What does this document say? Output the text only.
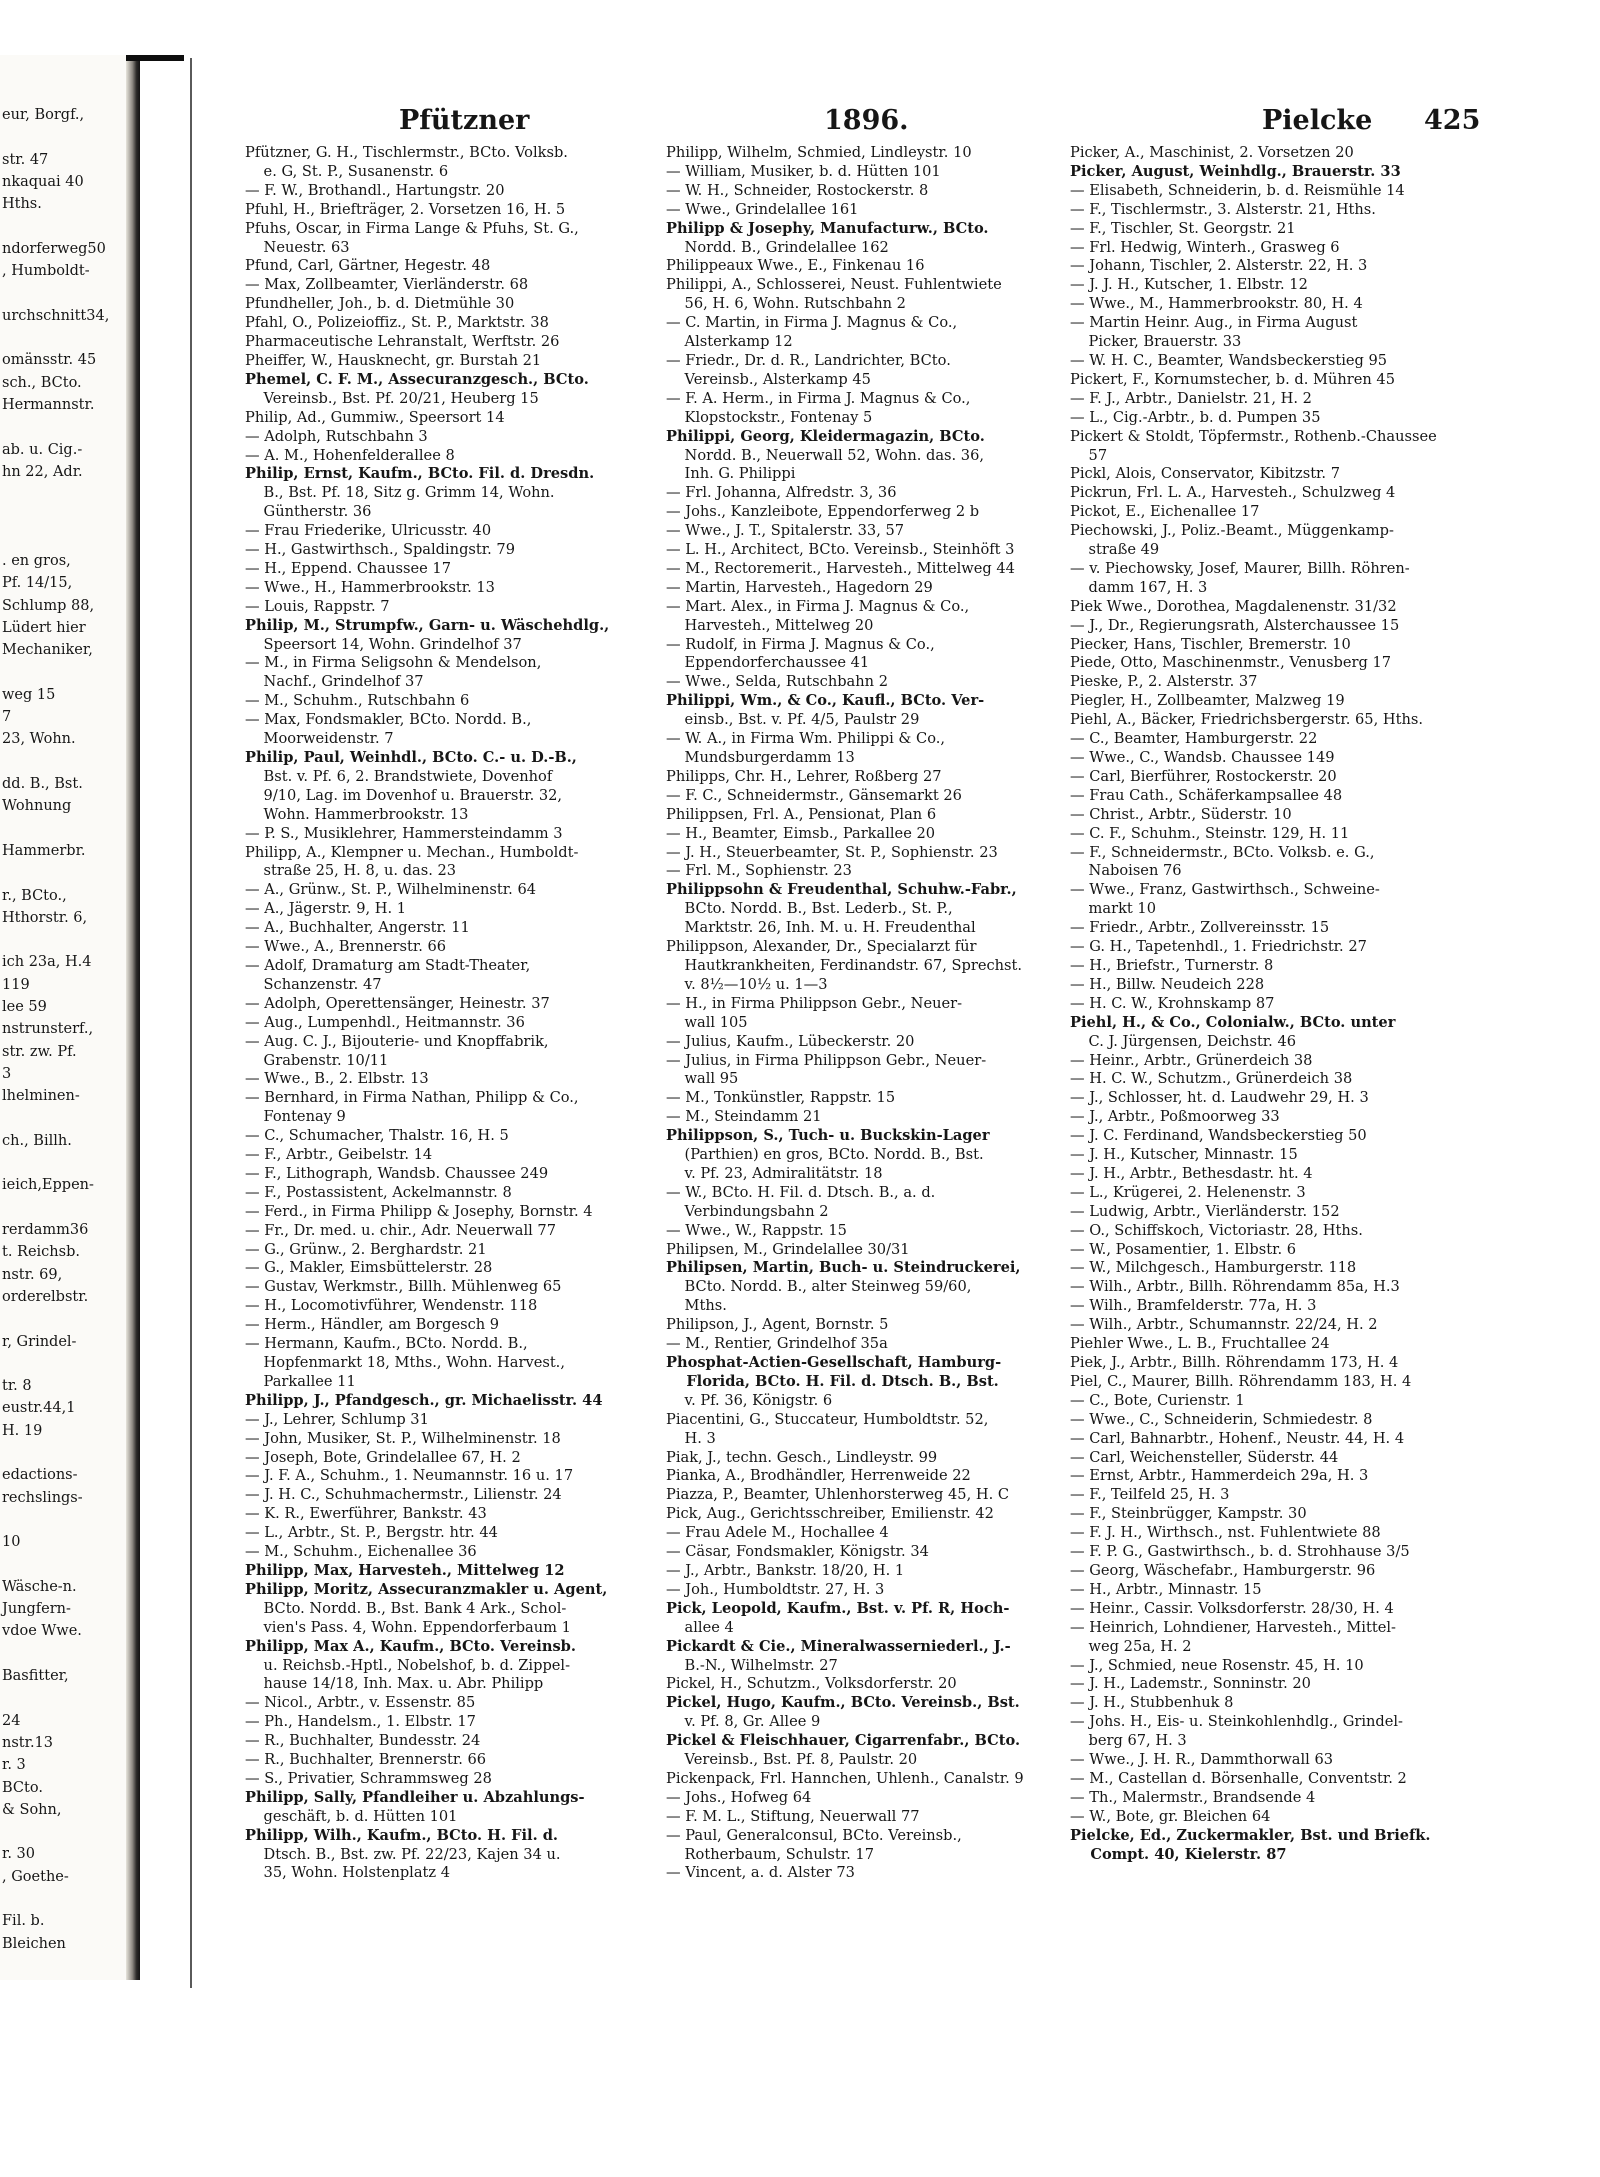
eur, Borgf.,
str. 47
nkaquai 40
Hths.
ndorferweg50
, Humboldt-
urchschnitt34,
omänsstr. 45
sch., BCto.
Hermannstr.
ab. u. Cig.-
hn 22, Adr.
. en gros,
Pf. 14/15,
Schlump 88,
Lüdert hier
Mechaniker,
weg 15
7
23, Wohn.
dd. B., Bst.
Wohnung
Hammerbr.
r., BCto.,
Hthorstr. 6,
ich 23a, H.4
119
lee 59
nstrunsterf.,
str. zw. Pf.
3
lhelminen-
ch., Billh.
ieich,Eppen-
rerdamm36
t. Reichsb.
nstr. 69,
orderelbstr.
r, Grindel-
tr. 8
eustr.44,1
H. 19
edactions-
rechslings-
10
Wäsche-n.
Jungfern-
vdoe Wwe.
Basfitter,
24
nstr.13
r. 3
BCto.
& Sohn,
r. 30
, Goethe-
Fil. b.
Bleichen
Pfützner	1896.	Pielcke 425

Pfützner, G. H., Tischlermstr., BCto. Volksb.

e. G, St. P., Susanenstr. 6

— F. W., Brothandl., Hartungstr. 20

Pfuhl, H., Briefträger, 2. Vorsetzen 16, H. 5

Pfuhs, Oscar, in Firma Lange & Pfuhs, St. G.,

Neuestr. 63

Pfund, Carl, Gärtner, Hegestr. 48

— Max, Zollbeamter, Vierländerstr. 68

Pfundheller, Joh., b. d. Dietmühle 30

Pfahl, O., Polizeioffiz., St. P., Marktstr. 38

Pharmaceutische Lehranstalt, Werftstr. 26

Pheiffer, W., Hausknecht, gr. Burstah 21

Phemel, C. F. M., Assecuranzgesch., BCto.

Vereinsb., Bst. Pf. 20/21, Heuberg 15

Philip, Ad., Gummiw., Speersort 14

— Adolph, Rutschbahn 3

— A. M., Hohenfelderallee 8

Philip, Ernst, Kaufm., BCto. Fil. d. Dresdn.

B., Bst. Pf. 18, Sitz g. Grimm 14, Wohn.

Güntherstr. 36

— Frau Friederike, Ulricusstr. 40

— H., Gastwirthsch., Spaldingstr. 79

— H., Eppend. Chaussee 17

— Wwe., H., Hammerbrookstr. 13

— Louis, Rappstr. 7

Philip, M., Strumpfw., Garn- u. Wäschehdlg.,

Speersort 14, Wohn. Grindelhof 37

— M., in Firma Seligsohn & Mendelson,

Nachf., Grindelhof 37

— M., Schuhm., Rutschbahn 6

— Max, Fondsmakler, BCto. Nordd. B.,

Moorweidenstr. 7

Philip, Paul, Weinhdl., BCto. C.- u. D.-B.,

Bst. v. Pf. 6, 2. Brandstwiete, Dovenhof

9/10, Lag. im Dovenhof u. Brauerstr. 32,

Wohn. Hammerbrookstr. 13

— P. S., Musiklehrer, Hammersteindamm 3

Philipp, A., Klempner u. Mechan., Humboldt-

straße 25, H. 8, u. das. 23

— A., Grünw., St. P., Wilhelminenstr. 64

— A., Jägerstr. 9, H. 1

— A., Buchhalter, Angerstr. 11

— Wwe., A., Brennerstr. 66

— Adolf, Dramaturg am Stadt-Theater,

Schanzenstr. 47

— Adolph, Operettensänger, Heinestr. 37

— Aug., Lumpenhdl., Heitmannstr. 36

— Aug. C. J., Bijouterie- und Knopffabrik,

Grabenstr. 10/11

— Wwe., B., 2. Elbstr. 13

— Bernhard, in Firma Nathan, Philipp & Co.,

Fontenay 9

— C., Schumacher, Thalstr. 16, H. 5

— F., Arbtr., Geibelstr. 14

— F., Lithograph, Wandsb. Chaussee 249

— F., Postassistent, Ackelmannstr. 8

— Ferd., in Firma Philipp & Josephy, Bornstr. 4

— Fr., Dr. med. u. chir., Adr. Neuerwall 77

— G., Grünw., 2. Berghardstr. 21

— G., Makler, Eimsbüttelerstr. 28

— Gustav, Werkmstr., Billh. Mühlenweg 65

— H., Locomotivführer, Wendenstr. 118

— Herm., Händler, am Borgesch 9

— Hermann, Kaufm., BCto. Nordd. B.,

Hopfenmarkt 18, Mths., Wohn. Harvest.,

Parkallee 11

Philipp, J., Pfandgesch., gr. Michaelisstr. 44

— J., Lehrer, Schlump 31

— John, Musiker, St. P., Wilhelminenstr. 18

— Joseph, Bote, Grindelallee 67, H. 2

— J. F. A., Schuhm., 1. Neumannstr. 16 u. 17

— J. H. C., Schuhmachermstr., Lilienstr. 24

— K. R., Ewerführer, Bankstr. 43

— L., Arbtr., St. P., Bergstr. htr. 44

— M., Schuhm., Eichenallee 36

Philipp, Max, Harvesteh., Mittelweg 12

Philipp, Moritz, Assecuranzmakler u. Agent,

BCto. Nordd. B., Bst. Bank 4 Ark., Schol-

vien's Pass. 4, Wohn. Eppendorferbaum 1

Philipp, Max A., Kaufm., BCto. Vereinsb.

u. Reichsb.-Hptl., Nobelshof, b. d. Zippel-

hause 14/18, Inh. Max. u. Abr. Philipp

— Nicol., Arbtr., v. Essenstr. 85

— Ph., Handelsm., 1. Elbstr. 17

— R., Buchhalter, Bundesstr. 24

— R., Buchhalter, Brennerstr. 66

— S., Privatier, Schrammsweg 28

Philipp, Sally, Pfandleiher u. Abzahlungs-

geschäft, b. d. Hütten 101

Philipp, Wilh., Kaufm., BCto. H. Fil. d.

Dtsch. B., Bst. zw. Pf. 22/23, Kajen 34 u.

35, Wohn. Holstenplatz 4

Philipp, Wilhelm, Schmied, Lindleystr. 10

— William, Musiker, b. d. Hütten 101

— W. H., Schneider, Rostockerstr. 8

— Wwe., Grindelallee 161

Philipp & Josephy, Manufacturw., BCto.

Nordd. B., Grindelallee 162

Philippeaux Wwe., E., Finkenau 16

Philippi, A., Schlosserei, Neust. Fuhlentwiete

56, H. 6, Wohn. Rutschbahn 2

— C. Martin, in Firma J. Magnus & Co.,

Alsterkamp 12

— Friedr., Dr. d. R., Landrichter, BCto.

Vereinsb., Alsterkamp 45

— F. A. Herm., in Firma J. Magnus & Co.,

Klopstockstr., Fontenay 5

Philippi, Georg, Kleidermagazin, BCto.

Nordd. B., Neuerwall 52, Wohn. das. 36,

Inh. G. Philippi

— Frl. Johanna, Alfredstr. 3, 36

— Johs., Kanzleibote, Eppendorferweg 2 b

— Wwe., J. T., Spitalerstr. 33, 57

— L. H., Architect, BCto. Vereinsb., Steinhöft 3

— M., Rectoremerit., Harvesteh., Mittelweg 44

— Martin, Harvesteh., Hagedorn 29

— Mart. Alex., in Firma J. Magnus & Co.,

Harvesteh., Mittelweg 20

— Rudolf, in Firma J. Magnus & Co.,

Eppendorferchaussee 41

— Wwe., Selda, Rutschbahn 2

Philippi, Wm., & Co., Kaufl., BCto. Ver-

einsb., Bst. v. Pf. 4/5, Paulstr 29

— W. A., in Firma Wm. Philippi & Co.,

Mundsburgerdamm 13

Philipps, Chr. H., Lehrer, Roßberg 27

— F. C., Schneidermstr., Gänsemarkt 26

Philippsen, Frl. A., Pensionat, Plan 6

— H., Beamter, Eimsb., Parkallee 20

— J. H., Steuerbeamter, St. P., Sophienstr. 23

— Frl. M., Sophienstr. 23

Philippsohn & Freudenthal, Schuhw.-Fabr.,

BCto. Nordd. B., Bst. Lederb., St. P.,

Marktstr. 26, Inh. M. u. H. Freudenthal

Philippson, Alexander, Dr., Specialarzt für

Hautkrankheiten, Ferdinandstr. 67, Sprechst.

v. 8½—10½ u. 1—3

— H., in Firma Philippson Gebr., Neuer-

wall 105

— Julius, Kaufm., Lübeckerstr. 20

— Julius, in Firma Philippson Gebr., Neuer-

wall 95

— M., Tonkünstler, Rappstr. 15

— M., Steindamm 21

Philippson, S., Tuch- u. Buckskin-Lager

(Parthien) en gros, BCto. Nordd. B., Bst.

v. Pf. 23, Admiralitätstr. 18

— W., BCto. H. Fil. d. Dtsch. B., a. d.

Verbindungsbahn 2

— Wwe., W., Rappstr. 15

Philipsen, M., Grindelallee 30/31

Philipsen, Martin, Buch- u. Steindruckerei,

BCto. Nordd. B., alter Steinweg 59/60,

Mths.

Philipson, J., Agent, Bornstr. 5

— M., Rentier, Grindelhof 35a

Phosphat-Actien-Gesellschaft, Hamburg-

Florida, BCto. H. Fil. d. Dtsch. B., Bst.

v. Pf. 36, Königstr. 6

Piacentini, G., Stuccateur, Humboldtstr. 52,

H. 3

Piak, J., techn. Gesch., Lindleystr. 99

Pianka, A., Brodhändler, Herrenweide 22

Piazza, P., Beamter, Uhlenhorsterweg 45, H. C

Pick, Aug., Gerichtsschreiber, Emilienstr. 42

— Frau Adele M., Hochallee 4

— Cäsar, Fondsmakler, Königstr. 34

— J., Arbtr., Bankstr. 18/20, H. 1

— Joh., Humboldtstr. 27, H. 3

Pick, Leopold, Kaufm., Bst. v. Pf. R, Hoch-

allee 4

Pickardt & Cie., Mineralwasserniederl., J.-

B.-N., Wilhelmstr. 27

Pickel, H., Schutzm., Volksdorferstr. 20

Pickel, Hugo, Kaufm., BCto. Vereinsb., Bst.

v. Pf. 8, Gr. Allee 9

Pickel & Fleischhauer, Cigarrenfabr., BCto.

Vereinsb., Bst. Pf. 8, Paulstr. 20

Pickenpack, Frl. Hannchen, Uhlenh., Canalstr. 9

— Johs., Hofweg 64

— F. M. L., Stiftung, Neuerwall 77

— Paul, Generalconsul, BCto. Vereinsb.,

Rotherbaum, Schulstr. 17

— Vincent, a. d. Alster 73

Picker, A., Maschinist, 2. Vorsetzen 20

Picker, August, Weinhdlg., Brauerstr. 33

— Elisabeth, Schneiderin, b. d. Reismühle 14

— F., Tischlermstr., 3. Alsterstr. 21, Hths.

— F., Tischler, St. Georgstr. 21

— Frl. Hedwig, Winterh., Grasweg 6

— Johann, Tischler, 2. Alsterstr. 22, H. 3

— J. J. H., Kutscher, 1. Elbstr. 12

— Wwe., M., Hammerbrookstr. 80, H. 4

— Martin Heinr. Aug., in Firma August

Picker, Brauerstr. 33

— W. H. C., Beamter, Wandsbeckerstieg 95

Pickert, F., Kornumstecher, b. d. Mühren 45

— F. J., Arbtr., Danielstr. 21, H. 2

— L., Cig.-Arbtr., b. d. Pumpen 35

Pickert & Stoldt, Töpfermstr., Rothenb.-Chaussee

57

Pickl, Alois, Conservator, Kibitzstr. 7

Pickrun, Frl. L. A., Harvesteh., Schulzweg 4

Pickot, E., Eichenallee 17

Piechowski, J., Poliz.-Beamt., Müggenkamp-

straße 49

— v. Piechowsky, Josef, Maurer, Billh. Röhren-

damm 167, H. 3

Piek Wwe., Dorothea, Magdalenenstr. 31/32

— J., Dr., Regierungsrath, Alsterchaussee 15

Piecker, Hans, Tischler, Bremerstr. 10

Piede, Otto, Maschinenmstr., Venusberg 17

Pieske, P., 2. Alsterstr. 37

Piegler, H., Zollbeamter, Malzweg 19

Piehl, A., Bäcker, Friedrichsbergerstr. 65, Hths.

— C., Beamter, Hamburgerstr. 22

— Wwe., C., Wandsb. Chaussee 149

— Carl, Bierführer, Rostockerstr. 20

— Frau Cath., Schäferkampsallee 48

— Christ., Arbtr., Süderstr. 10

— C. F., Schuhm., Steinstr. 129, H. 11

— F., Schneidermstr., BCto. Volksb. e. G.,

Naboisen 76

— Wwe., Franz, Gastwirthsch., Schweine-

markt 10

— Friedr., Arbtr., Zollvereinsstr. 15

— G. H., Tapetenhdl., 1. Friedrichstr. 27

— H., Briefstr., Turnerstr. 8

— H., Billw. Neudeich 228

— H. C. W., Krohnskamp 87

Piehl, H., & Co., Colonialw., BCto. unter

C. J. Jürgensen, Deichstr. 46

— Heinr., Arbtr., Grünerdeich 38

— H. C. W., Schutzm., Grünerdeich 38

— J., Schlosser, ht. d. Laudwehr 29, H. 3

— J., Arbtr., Poßmoorweg 33

— J. C. Ferdinand, Wandsbeckerstieg 50

— J. H., Kutscher, Minnastr. 15

— J. H., Arbtr., Bethesdastr. ht. 4

— L., Krügerei, 2. Helenenstr. 3

— Ludwig, Arbtr., Vierländerstr. 152

— O., Schiffskoch, Victoriastr. 28, Hths.

— W., Posamentier, 1. Elbstr. 6

— W., Milchgesch., Hamburgerstr. 118

— Wilh., Arbtr., Billh. Röhrendamm 85a, H.3

— Wilh., Bramfelderstr. 77a, H. 3

— Wilh., Arbtr., Schumannstr. 22/24, H. 2

Piehler Wwe., L. B., Fruchtallee 24

Piek, J., Arbtr., Billh. Röhrendamm 173, H. 4

Piel, C., Maurer, Billh. Röhrendamm 183, H. 4

— C., Bote, Curienstr. 1

— Wwe., C., Schneiderin, Schmiedestr. 8

— Carl, Bahnarbtr., Hohenf., Neustr. 44, H. 4

— Carl, Weichensteller, Süderstr. 44

— Ernst, Arbtr., Hammerdeich 29a, H. 3

— F., Teilfeld 25, H. 3

— F., Steinbrügger, Kampstr. 30

— F. J. H., Wirthsch., nst. Fuhlentwiete 88

— F. P. G., Gastwirthsch., b. d. Strohhause 3/5

— Georg, Wäschefabr., Hamburgerstr. 96

— H., Arbtr., Minnastr. 15

— Heinr., Cassir. Volksdorferstr. 28/30, H. 4

— Heinrich, Lohndiener, Harvesteh., Mittel-

weg 25a, H. 2

— J., Schmied, neue Rosenstr. 45, H. 10

— J. H., Lademstr., Sonninstr. 20

— J. H., Stubbenhuk 8

— Johs. H., Eis- u. Steinkohlenhdlg., Grindel-

berg 67, H. 3

— Wwe., J. H. R., Dammthorwall 63

— M., Castellan d. Börsenhalle, Conventstr. 2

— Th., Malermstr., Brandsende 4

— W., Bote, gr. Bleichen 64

Pielcke, Ed., Zuckermakler, Bst. und Briefk.

Compt. 40, Kielerstr. 87
